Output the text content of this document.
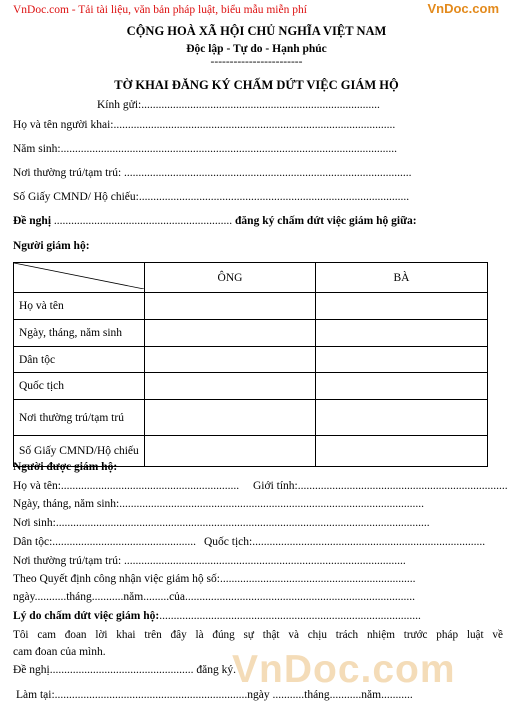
VnDoc.com - Tải tài liệu, văn bản pháp luật, biểu mẫu miễn phí	VnDoc.com
CỘNG HOÀ XÃ HỘI CHỦ NGHĨA VIỆT NAM
Độc lập - Tự do - Hạnh phúc
------------------------
TỜ KHAI ĐĂNG KÝ CHẤM DỨT VIỆC GIÁM HỘ
Kính gửi:...................................................................................
Họ và tên người khai:..................................................................................................
Năm sinh:.....................................................................................................................
Nơi thường trú/tạm trú: ....................................................................................................
Số Giấy CMND/ Hộ chiếu:..............................................................................................
Đề nghị .............................................................. đăng ký chấm dứt việc giám hộ giữa:
Người giám hộ:
	ÔNG	BÀ
Họ và tên		
Ngày, tháng, năm sinh		
Dân tộc		
Quốc tịch		
Nơi thường trú/tạm trú		
Số Giấy CMND/Hộ chiếu		
Người được giám hộ:
Họ và tên:.............................................................. Giới tính:.........................................................................
Ngày, tháng, năm sinh:..........................................................................................................
Nơi sinh:..................................................................................................................................
Dân tộc:.................................................. Quốc tịch:.................................................................................
Nơi thường trú/tạm trú: ..................................................................................................
Theo Quyết định công nhận việc giám hộ số:....................................................................
ngày...........tháng...........năm.........của................................................................................
Lý do chấm dứt việc giám hộ:...........................................................................................
Tôi cam đoan lời khai trên đây là đúng sự thật và chịu trách nhiệm trước pháp luật về
cam đoan của mình.	VnDoc.com
Đề nghị.................................................. đăng ký.
Làm tại:...................................................................ngày ...........tháng...........năm...........
